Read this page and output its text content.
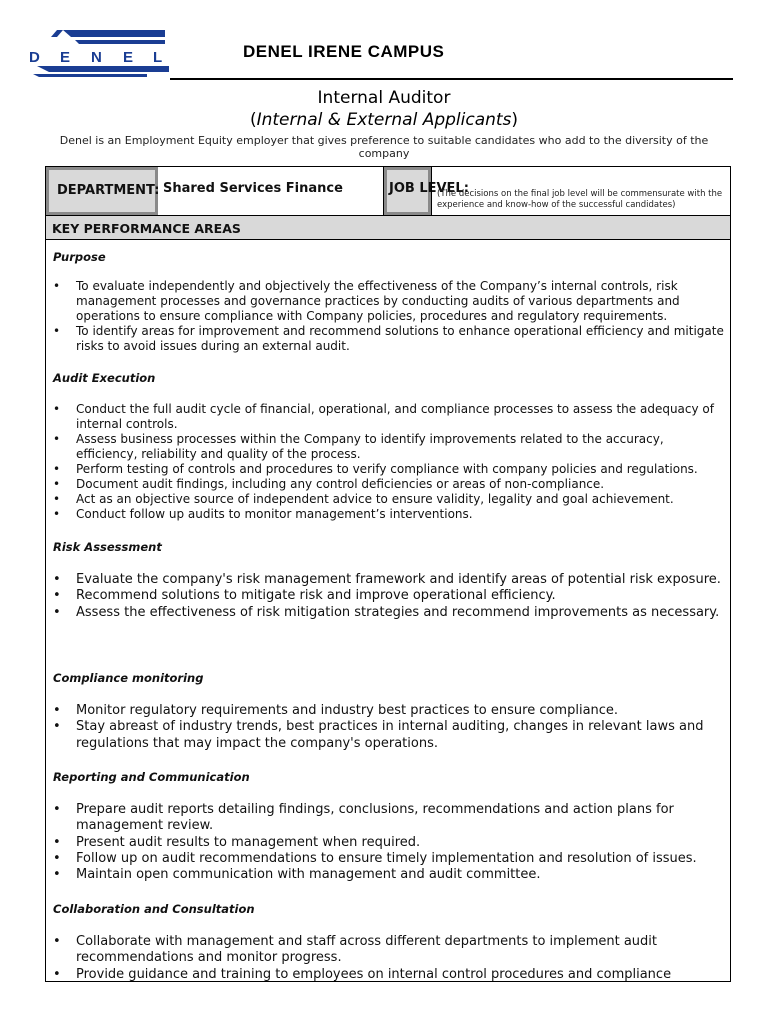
D E N E L	DENEL IRENE CAMPUS
Internal Auditor
(Internal & External Applicants)
Denel is an Employment Equity employer that gives preference to suitable candidates who add to the diversity of the company
DEPARTMENT: Shared Services Finance	JOB LEVEL:
(The decisions on the final job level will be commensurate with the experience and know-how of the successful candidates)
KEY PERFORMANCE AREAS
Purpose
• To evaluate independently and objectively the effectiveness of the Company’s internal controls, risk management processes and governance practices by conducting audits of various departments and operations to ensure compliance with Company policies, procedures and regulatory requirements.
• To identify areas for improvement and recommend solutions to enhance operational efficiency and mitigate risks to avoid issues during an external audit.
Audit Execution
• Conduct the full audit cycle of financial, operational, and compliance processes to assess the adequacy of internal controls.
• Assess business processes within the Company to identify improvements related to the accuracy, efficiency, reliability and quality of the process.
• Perform testing of controls and procedures to verify compliance with company policies and regulations.
• Document audit findings, including any control deficiencies or areas of non-compliance.
• Act as an objective source of independent advice to ensure validity, legality and goal achievement.
• Conduct follow up audits to monitor management’s interventions.
Risk Assessment
• Evaluate the company's risk management framework and identify areas of potential risk exposure.
• Recommend solutions to mitigate risk and improve operational efficiency.
• Assess the effectiveness of risk mitigation strategies and recommend improvements as necessary.
Compliance monitoring
• Monitor regulatory requirements and industry best practices to ensure compliance.
• Stay abreast of industry trends, best practices in internal auditing, changes in relevant laws and regulations that may impact the company's operations.
Reporting and Communication
• Prepare audit reports detailing findings, conclusions, recommendations and action plans for management review.
• Present audit results to management when required.
• Follow up on audit recommendations to ensure timely implementation and resolution of issues.
• Maintain open communication with management and audit committee.
Collaboration and Consultation
• Collaborate with management and staff across different departments to implement audit recommendations and monitor progress.
• Provide guidance and training to employees on internal control procedures and compliance
